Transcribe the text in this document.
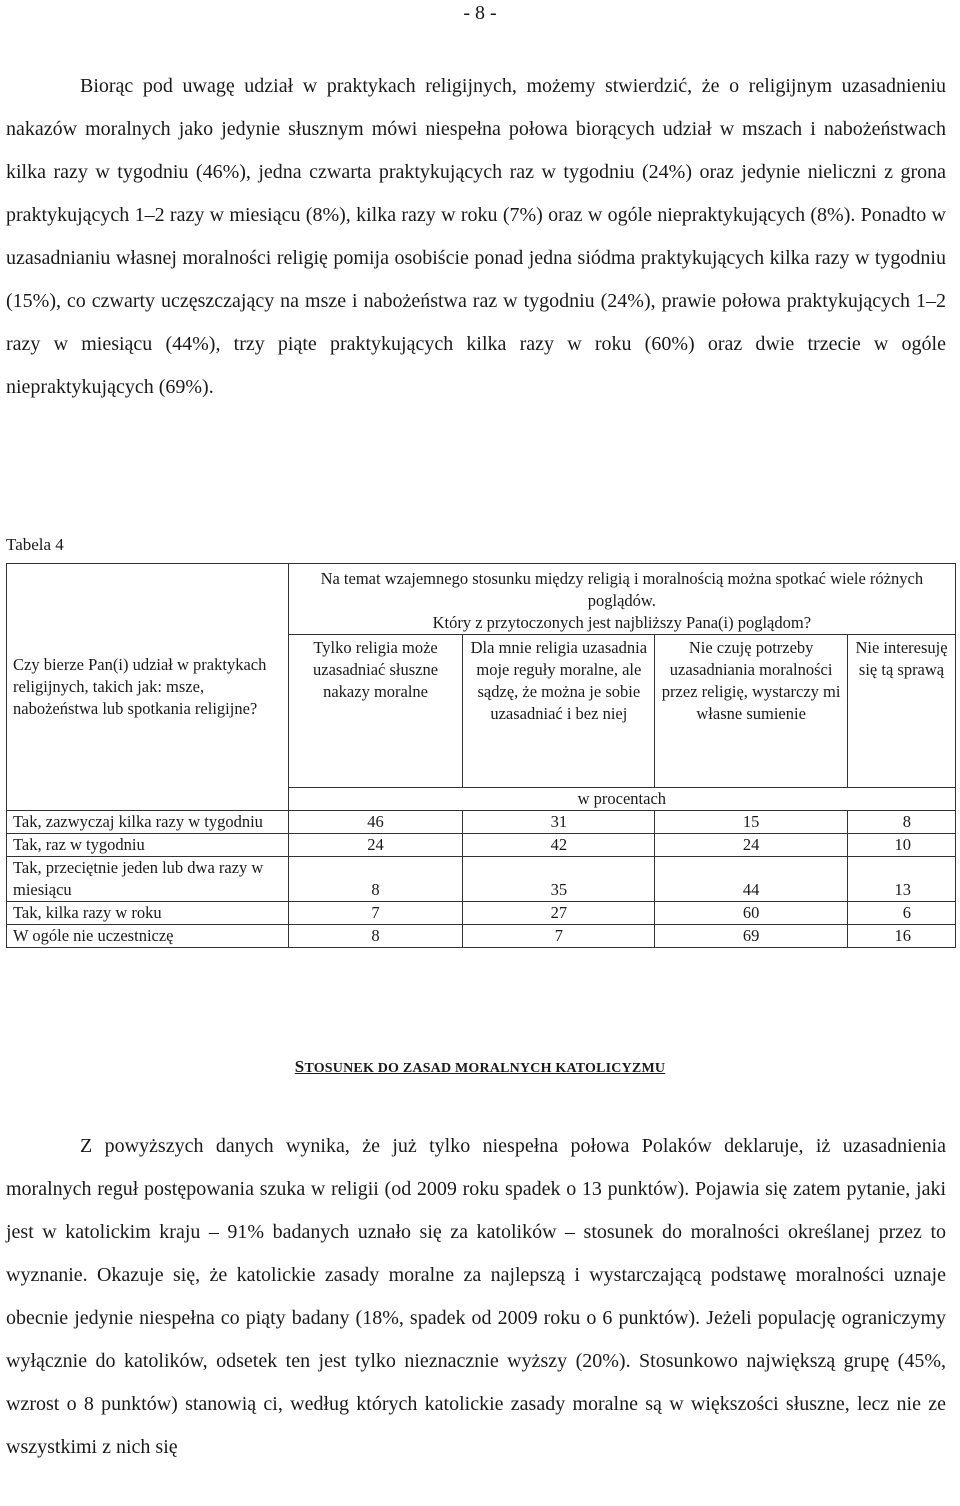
- 8 -

Biorąc pod uwagę udział w praktykach religijnych, możemy stwierdzić, że o religijnym uzasadnieniu nakazów moralnych jako jedynie słusznym mówi niespełna połowa biorących udział w mszach i nabożeństwach kilka razy w tygodniu (46%), jedna czwarta praktykujących raz w tygodniu (24%) oraz jedynie nieliczni z grona praktykujących 1–2 razy w miesiącu (8%), kilka razy w roku (7%) oraz w ogóle niepraktykujących (8%). Ponadto w uzasadnianiu własnej moralności religię pomija osobiście ponad jedna siódma praktykujących kilka razy w tygodniu (15%), co czwarty uczęszczający na msze i nabożeństwa raz w tygodniu (24%), prawie połowa praktykujących 1–2 razy w miesiącu (44%), trzy piąte praktykujących kilka razy w roku (60%) oraz dwie trzecie w ogóle niepraktykujących (69%).

Tabela 4
Czy bierze Pan(i) udział w praktykach religijnych, takich jak: msze, nabożeństwa lub spotkania religijne?	Na temat wzajemnego stosunku między religią i moralnością można spotkać wiele różnych poglądów.
Który z przytoczonych jest najbliższy Pana(i) poglądom?			

	Tylko religia może uzasadniać słuszne nakazy moralne	Dla mnie religia uzasadnia moje reguły moralne, ale sądzę, że można je sobie uzasadniać i bez niej	Nie czuję potrzeby uzasadniania moralności przez religię, wystarczy mi własne sumienie	Nie interesuję się tą sprawą
	w procentach			
Tak, zazwyczaj kilka razy w tygodniu	46	31	15	8
Tak, raz w tygodniu	24	42	24	10
Tak, przeciętnie jeden lub dwa razy w miesiącu	8	35	44	13
Tak, kilka razy w roku	7	27	60	6
W ogóle nie uczestniczę	8	7	69	16
STOSUNEK DO ZASAD MORALNYCH KATOLICYZMU

Z powyższych danych wynika, że już tylko niespełna połowa Polaków deklaruje, iż uzasadnienia moralnych reguł postępowania szuka w religii (od 2009 roku spadek o 13 punktów). Pojawia się zatem pytanie, jaki jest w katolickim kraju – 91% badanych uznało się za katolików – stosunek do moralności określanej przez to wyznanie. Okazuje się, że katolickie zasady moralne za najlepszą i wystarczającą podstawę moralności uznaje obecnie jedynie niespełna co piąty badany (18%, spadek od 2009 roku o 6 punktów). Jeżeli populację ograniczymy wyłącznie do katolików, odsetek ten jest tylko nieznacznie wyższy (20%). Stosunkowo największą grupę (45%, wzrost o 8 punktów) stanowią ci, według których katolickie zasady moralne są w większości słuszne, lecz nie ze wszystkimi z nich się
